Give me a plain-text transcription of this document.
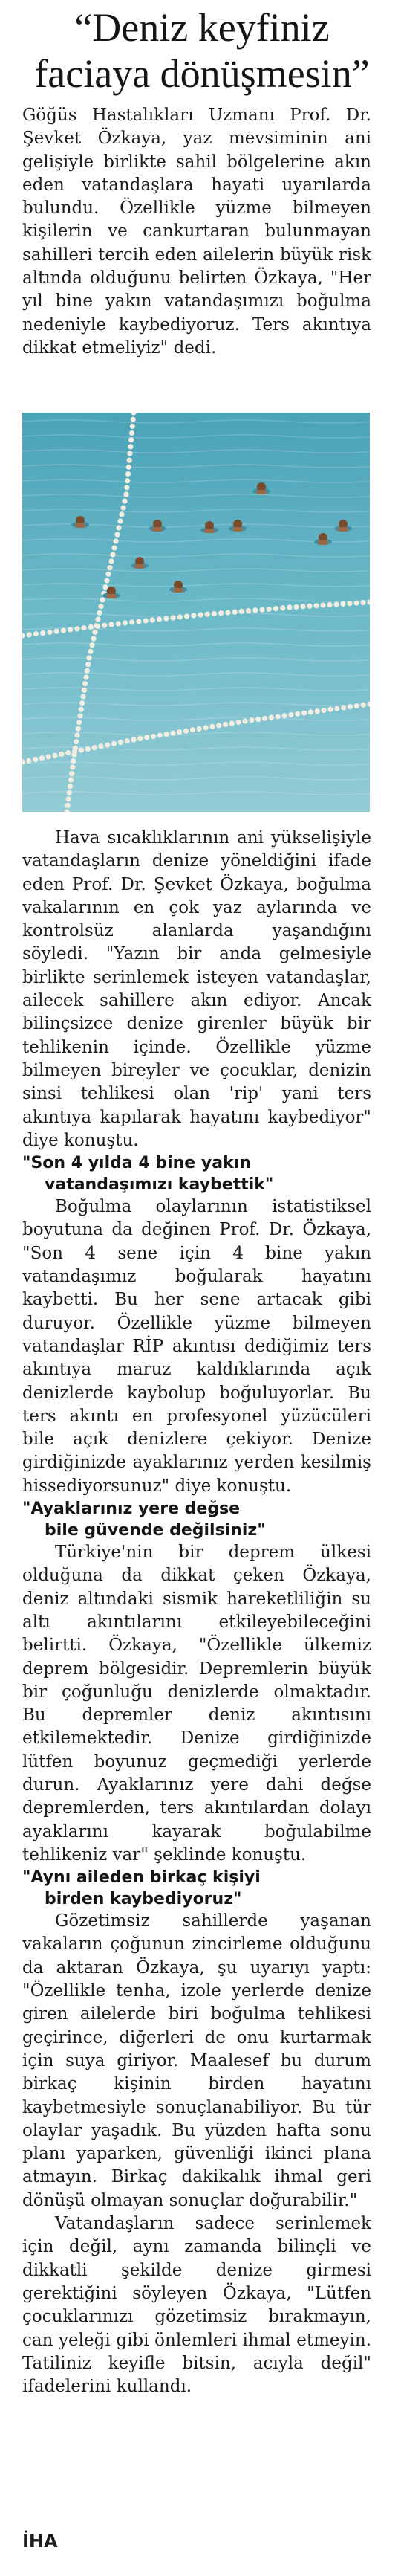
“Deniz keyfiniz
faciaya dönüşmesin”

Göğüs Hastalıkları Uzmanı Prof. Dr. Şevket Özkaya, yaz mevsiminin ani gelişiyle birlikte sahil bölgelerine akın eden vatandaşlara hayati uyarılarda bulundu. Özellikle yüzme bilmeyen kişilerin ve cankurtaran bulunmayan sahilleri tercih eden ailelerin büyük risk altında olduğunu belirten Özkaya, "Her yıl bine yakın vatandaşımızı boğulma nedeniyle kaybediyoruz. Ters akıntıya dikkat etmeliyiz" dedi.

Hava sıcaklıklarının ani yükselişiyle vatandaşların denize yöneldiğini ifade eden Prof. Dr. Şevket Özkaya, boğulma vakalarının en çok yaz aylarında ve kontrolsüz alanlarda yaşandığını söyledi. "Yazın bir anda gelmesiyle birlikte serinlemek isteyen vatandaşlar, ailecek sahillere akın ediyor. Ancak bilinçsizce denize girenler büyük bir tehlikenin içinde. Özellikle yüzme bilmeyen bireyler ve çocuklar, denizin sinsi tehlikesi olan 'rip' yani ters akıntıya kapılarak hayatını kaybediyor" diye konuştu.

"Son 4 yılda 4 bine yakın

vatandaşımızı kaybettik"

Boğulma olaylarının istatistiksel boyutuna da değinen Prof. Dr. Özkaya, "Son 4 sene için 4 bine yakın vatandaşımız boğularak hayatını kaybetti. Bu her sene artacak gibi duruyor. Özellikle yüzme bilmeyen vatandaşlar RİP akıntısı dediğimiz ters akıntıya maruz kaldıklarında açık denizlerde kaybolup boğuluyorlar. Bu ters akıntı en profesyonel yüzücüleri bile açık denizlere çekiyor. Denize girdiğinizde ayaklarınız yerden kesilmiş hissediyorsunuz" diye konuştu.

"Ayaklarınız yere değse

bile güvende değilsiniz"

Türkiye'nin bir deprem ülkesi olduğuna da dikkat çeken Özkaya, deniz altındaki sismik hareketliliğin su altı akıntılarını etkileyebileceğini belirtti. Özkaya, "Özellikle ülkemiz deprem bölgesidir. Depremlerin büyük bir çoğunluğu denizlerde olmaktadır. Bu depremler deniz akıntısını etkilemektedir. Denize girdiğinizde lütfen boyunuz geçmediği yerlerde durun. Ayaklarınız yere dahi değse depremlerden, ters akıntılardan dolayı ayaklarını kayarak boğulabilme tehlikeniz var" şeklinde konuştu.

"Aynı aileden birkaç kişiyi

birden kaybediyoruz"

Gözetimsiz sahillerde yaşanan vakaların çoğunun zincirleme olduğunu da aktaran Özkaya, şu uyarıyı yaptı: "Özellikle tenha, izole yerlerde denize giren ailelerde biri boğulma tehlikesi geçirince, diğerleri de onu kurtarmak için suya giriyor. Maalesef bu durum birkaç kişinin birden hayatını kaybetmesiyle sonuçlanabiliyor. Bu tür olaylar yaşadık. Bu yüzden hafta sonu planı yaparken, güvenliği ikinci plana atmayın. Birkaç dakikalık ihmal geri dönüşü olmayan sonuçlar doğurabilir."

Vatandaşların sadece serinlemek için değil, aynı zamanda bilinçli ve dikkatli şekilde denize girmesi gerektiğini söyleyen Özkaya, "Lütfen çocuklarınızı gözetimsiz bırakmayın, can yeleği gibi önlemleri ihmal etmeyin. Tatiliniz keyifle bitsin, acıyla değil" ifadelerini kullandı.

İHA
